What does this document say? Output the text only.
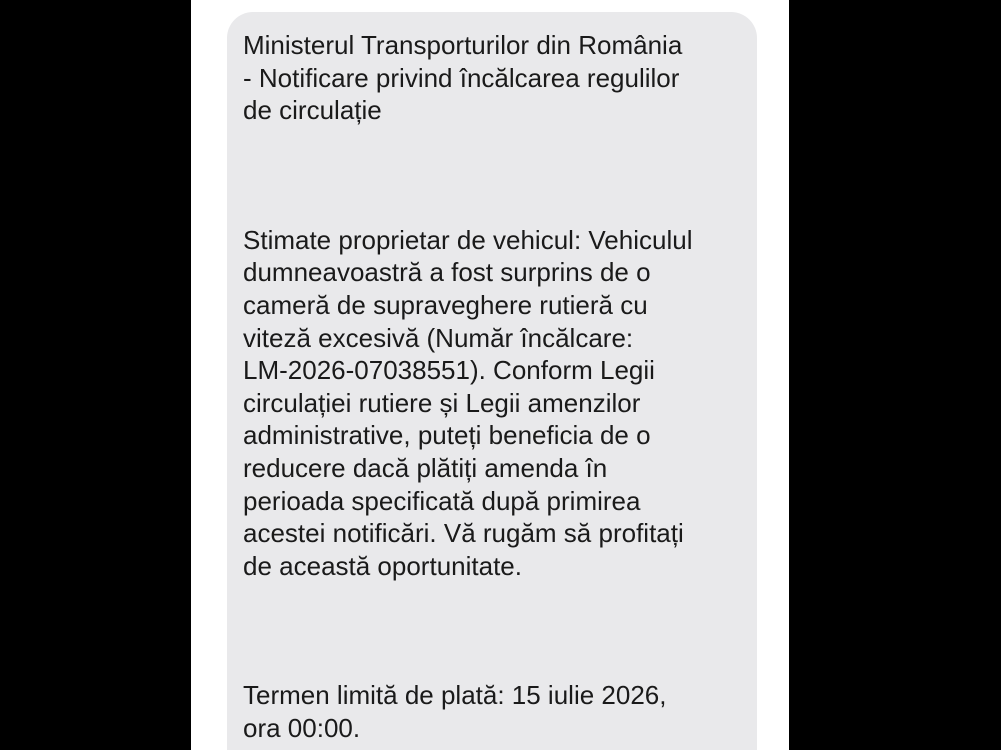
Ministerul Transporturilor din România
- Notificare privind încălcarea regulilor
de circulație

Stimate proprietar de vehicul: Vehiculul
dumneavoastră a fost surprins de o
cameră de supraveghere rutieră cu
viteză excesivă (Număr încălcare:
LM-2026-07038551). Conform Legii
circulației rutiere și Legii amenzilor
administrative, puteți beneficia de o
reducere dacă plătiți amenda în
perioada specificată după primirea
acestei notificări. Vă rugăm să profitați
de această oportunitate.

Termen limită de plată: 15 iulie 2026,
ora 00:00.
